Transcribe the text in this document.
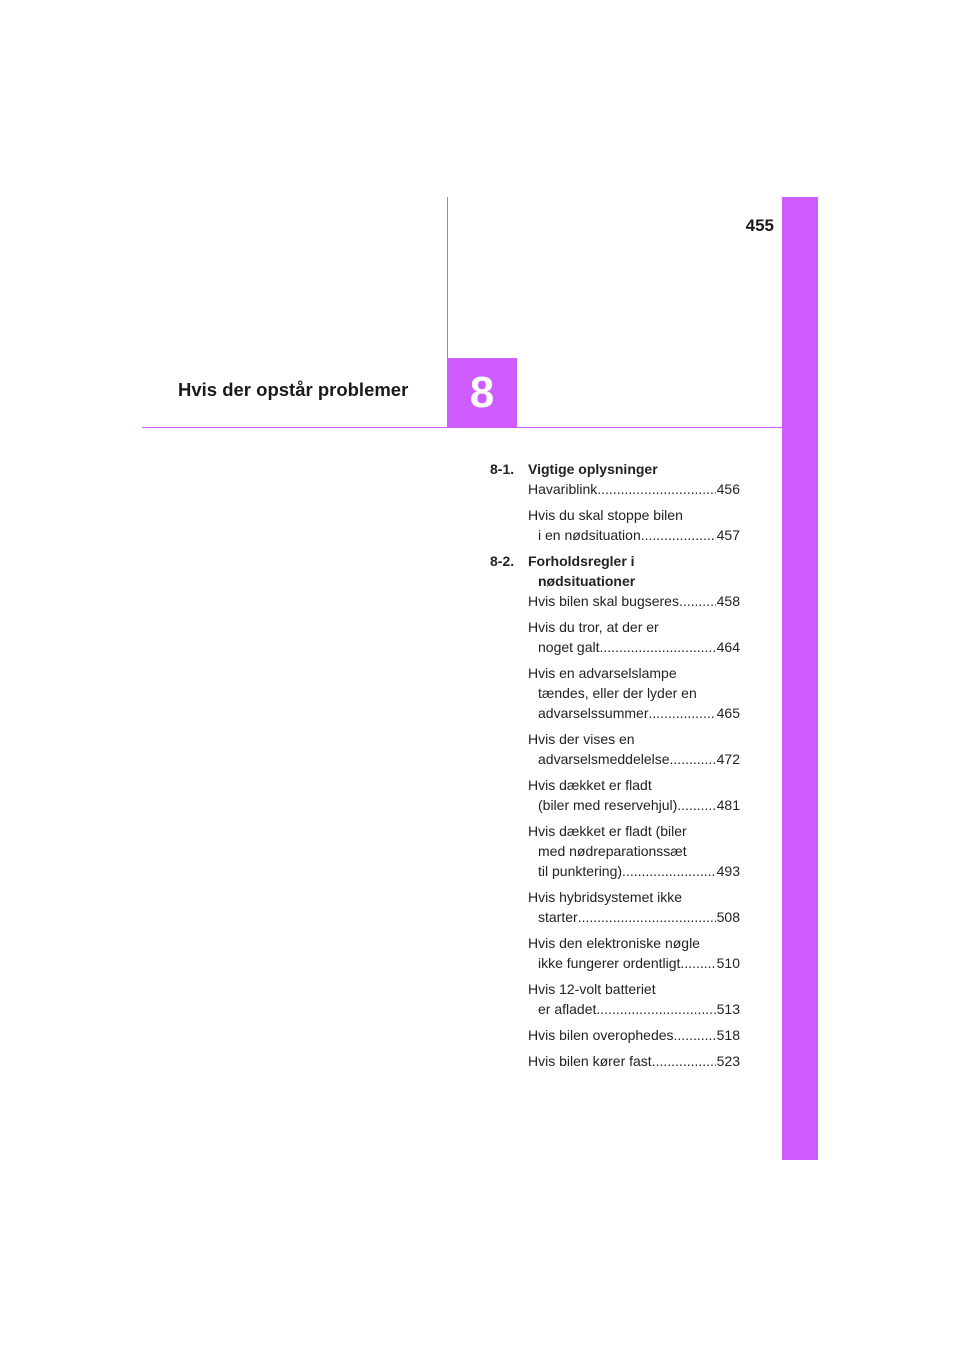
455
8
Hvis der opstår problemer
8-1. Vigtige oplysninger
Havariblink .....	456
Hvis du skal stoppe bilen
i en nødsituation .....	457
8-2. Forholdsregler i
nødsituationer
Hvis bilen skal bugseres .....	458
Hvis du tror, at der er
noget galt .....	464
Hvis en advarselslampe
tændes, eller der lyder en
advarselssummer .....	465
Hvis der vises en
advarselsmeddelelse .....	472
Hvis dækket er fladt
(biler med reservehjul) .....	481
Hvis dækket er fladt (biler
med nødreparationssæt
til punktering) .....	493
Hvis hybridsystemet ikke
starter .....	508
Hvis den elektroniske nøgle
ikke fungerer ordentligt .....	510
Hvis 12-volt batteriet
er afladet .....	513
Hvis bilen overophedes .....	518
Hvis bilen kører fast .....	523
